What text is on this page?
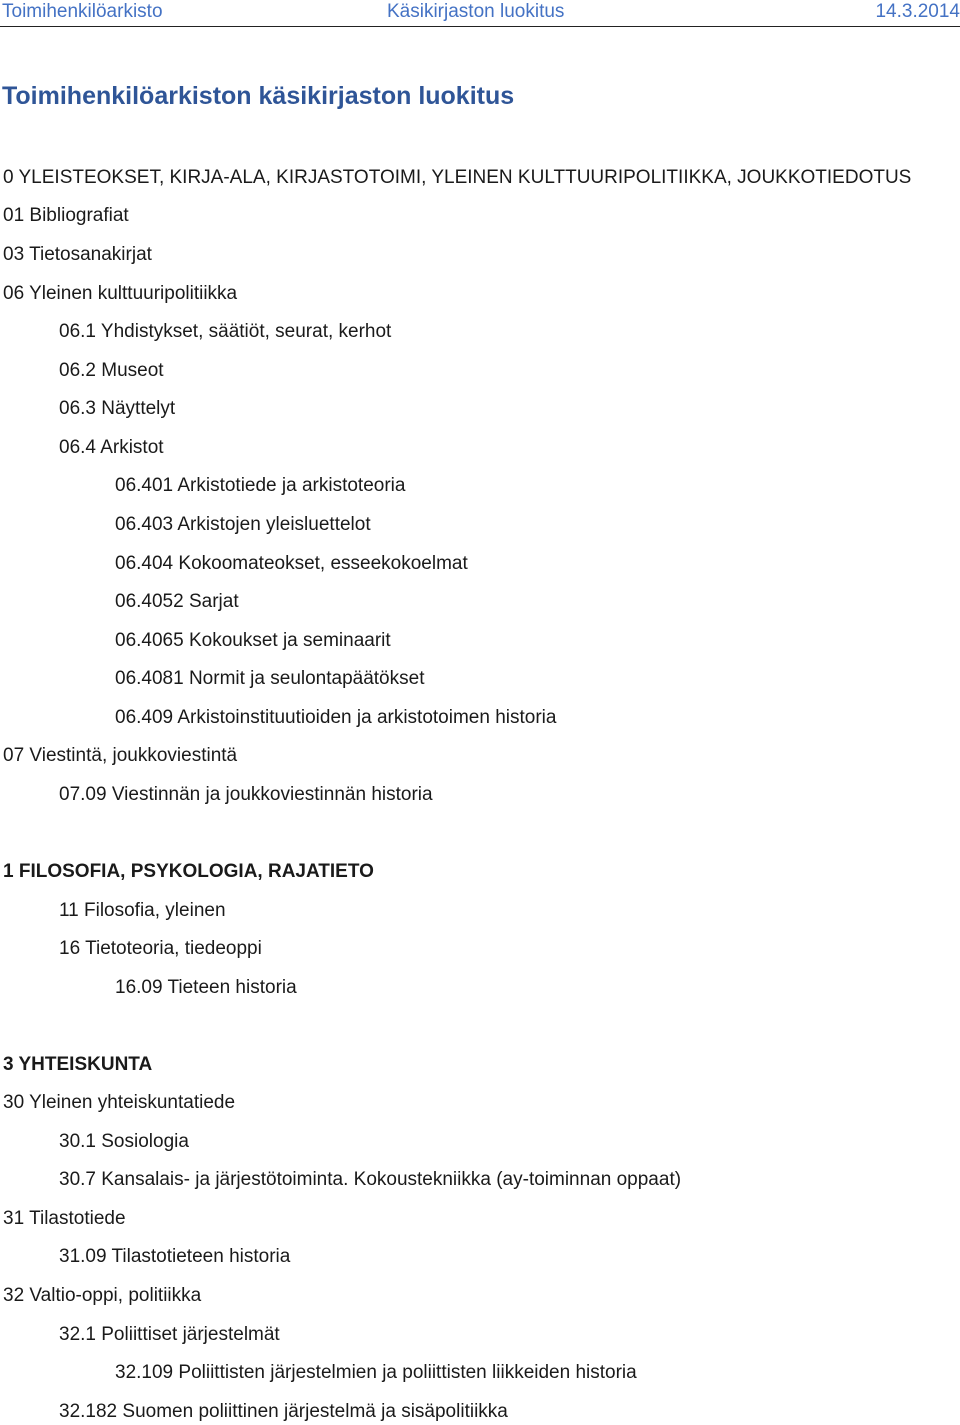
Toimihenkilöarkisto	Käsikirjaston luokitus	14.3.2014
Toimihenkilöarkiston käsikirjaston luokitus
0 YLEISTEOKSET, KIRJA-ALA, KIRJASTOTOIMI, YLEINEN KULTTUURIPOLITIIKKA, JOUKKOTIEDOTUS
01 Bibliografiat
03 Tietosanakirjat
06 Yleinen kulttuuripolitiikka
06.1 Yhdistykset, säätiöt, seurat, kerhot
06.2 Museot
06.3 Näyttelyt
06.4 Arkistot
06.401 Arkistotiede ja arkistoteoria
06.403 Arkistojen yleisluettelot
06.404 Kokoomateokset, esseekokoelmat
06.4052 Sarjat
06.4065 Kokoukset ja seminaarit
06.4081 Normit ja seulontapäätökset
06.409 Arkistoinstituutioiden ja arkistotoimen historia
07 Viestintä, joukkoviestintä
07.09 Viestinnän ja joukkoviestinnän historia
1 FILOSOFIA, PSYKOLOGIA, RAJATIETO
11 Filosofia, yleinen
16 Tietoteoria, tiedeoppi
16.09 Tieteen historia
3 YHTEISKUNTA
30 Yleinen yhteiskuntatiede
30.1 Sosiologia
30.7 Kansalais- ja järjestötoiminta. Kokoustekniikka (ay-toiminnan oppaat)
31 Tilastotiede
31.09 Tilastotieteen historia
32 Valtio-oppi, politiikka
32.1 Poliittiset järjestelmät
32.109 Poliittisten järjestelmien ja poliittisten liikkeiden historia
32.182 Suomen poliittinen järjestelmä ja sisäpolitiikka
